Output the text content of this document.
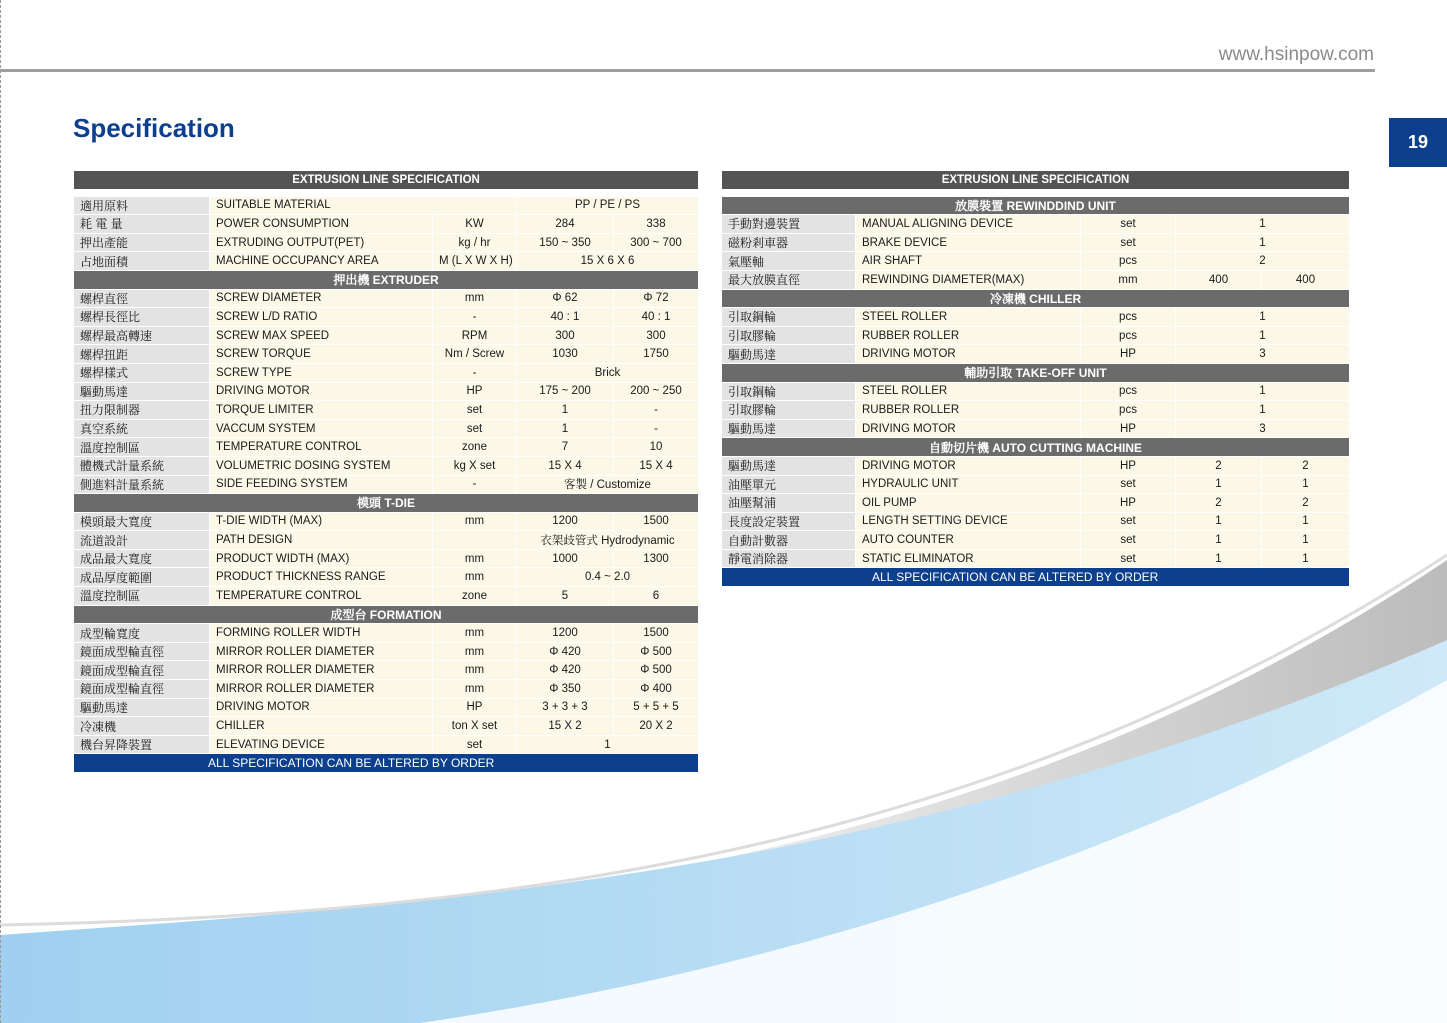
www.hsinpow.com
19
Specification
EXTRUSION LINE SPECIFICATION				

適用原料	SUITABLE MATERIAL		PP / PE / PS	
耗 電 量	POWER CONSUMPTION	KW	284	338
押出產能	EXTRUDING OUTPUT(PET)	kg / hr	150 ~ 350	300 ~ 700
占地面積	MACHINE OCCUPANCY AREA	M (L X W X H)	15 X 6 X 6	
押出機 EXTRUDER				
螺桿直徑	SCREW DIAMETER	mm	Φ 62	Φ 72
螺桿長徑比	SCREW L/D RATIO	-	40 : 1	40 : 1
螺桿最高轉速	SCREW MAX SPEED	RPM	300	300
螺桿扭距	SCREW TORQUE	Nm / Screw	1030	1750
螺桿樣式	SCREW TYPE	-	Brick	
驅動馬達	DRIVING MOTOR	HP	175 ~ 200	200 ~ 250
扭力限制器	TORQUE LIMITER	set	1	-
真空系統	VACCUM SYSTEM	set	1	-
溫度控制區	TEMPERATURE CONTROL	zone	7	10
體機式計量系統	VOLUMETRIC DOSING SYSTEM	kg X set	15 X 4	15 X 4
側進料計量系統	SIDE FEEDING SYSTEM	-	客製 / Customize	
模頭 T-DIE				
模頭最大寬度	T-DIE WIDTH (MAX)	mm	1200	1500
流道設計	PATH DESIGN		衣架歧管式 Hydrodynamic	
成品最大寬度	PRODUCT WIDTH (MAX)	mm	1000	1300
成品厚度範圍	PRODUCT THICKNESS RANGE	mm	0.4 ~ 2.0	
溫度控制區	TEMPERATURE CONTROL	zone	5	6
成型台 FORMATION				
成型輪寬度	FORMING ROLLER WIDTH	mm	1200	1500
鏡面成型輪直徑	MIRROR ROLLER DIAMETER	mm	Φ 420	Φ 500
鏡面成型輪直徑	MIRROR ROLLER DIAMETER	mm	Φ 420	Φ 500
鏡面成型輪直徑	MIRROR ROLLER DIAMETER	mm	Φ 350	Φ 400
驅動馬達	DRIVING MOTOR	HP	3 + 3 + 3	5 + 5 + 5
冷凍機	CHILLER	ton X set	15 X 2	20 X 2
機台昇降裝置	ELEVATING DEVICE	set	1	
ALL SPECIFICATION CAN BE ALTERED BY ORDER				
EXTRUSION LINE SPECIFICATION				

放膜裝置 REWINDDIND UNIT				
手動對邊裝置	MANUAL ALIGNING DEVICE	set	1	
磁粉剎車器	BRAKE DEVICE	set	1	
氣壓軸	AIR SHAFT	pcs	2	
最大放膜直徑	REWINDING DIAMETER(MAX)	mm	400	400
冷凍機 CHILLER				
引取鋼輪	STEEL ROLLER	pcs	1	
引取膠輪	RUBBER ROLLER	pcs	1	
驅動馬達	DRIVING MOTOR	HP	3	
輔助引取 TAKE-OFF UNIT				
引取鋼輪	STEEL ROLLER	pcs	1	
引取膠輪	RUBBER ROLLER	pcs	1	
驅動馬達	DRIVING MOTOR	HP	3	
自動切片機 AUTO CUTTING MACHINE				
驅動馬達	DRIVING MOTOR	HP	2	2
油壓單元	HYDRAULIC UNIT	set	1	1
油壓幫浦	OIL PUMP	HP	2	2
長度設定裝置	LENGTH SETTING DEVICE	set	1	1
自動計數器	AUTO COUNTER	set	1	1
靜電消除器	STATIC ELIMINATOR	set	1	1
ALL SPECIFICATION CAN BE ALTERED BY ORDER				
